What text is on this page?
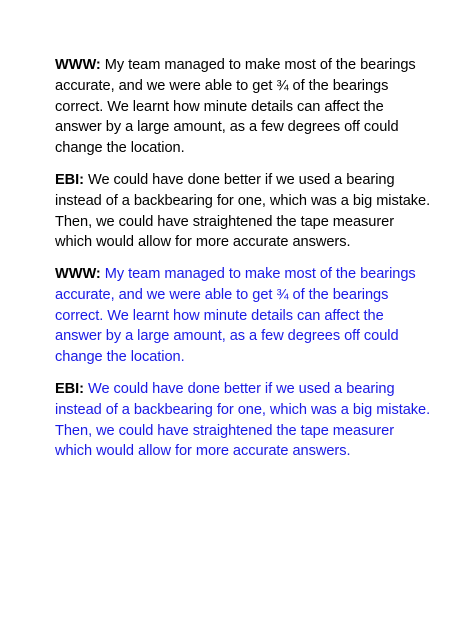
WWW: My team managed to make most of the bearings
accurate, and we were able to get ¾ of the bearings
correct. We learnt how minute details can affect the
answer by a large amount, as a few degrees off could
change the location.

EBI: We could have done better if we used a bearing
instead of a backbearing for one, which was a big mistake.
Then, we could have straightened the tape measurer
which would allow for more accurate answers.

WWW: My team managed to make most of the bearings
accurate, and we were able to get ¾ of the bearings
correct. We learnt how minute details can affect the
answer by a large amount, as a few degrees off could
change the location.

EBI: We could have done better if we used a bearing
instead of a backbearing for one, which was a big mistake.
Then, we could have straightened the tape measurer
which would allow for more accurate answers.
